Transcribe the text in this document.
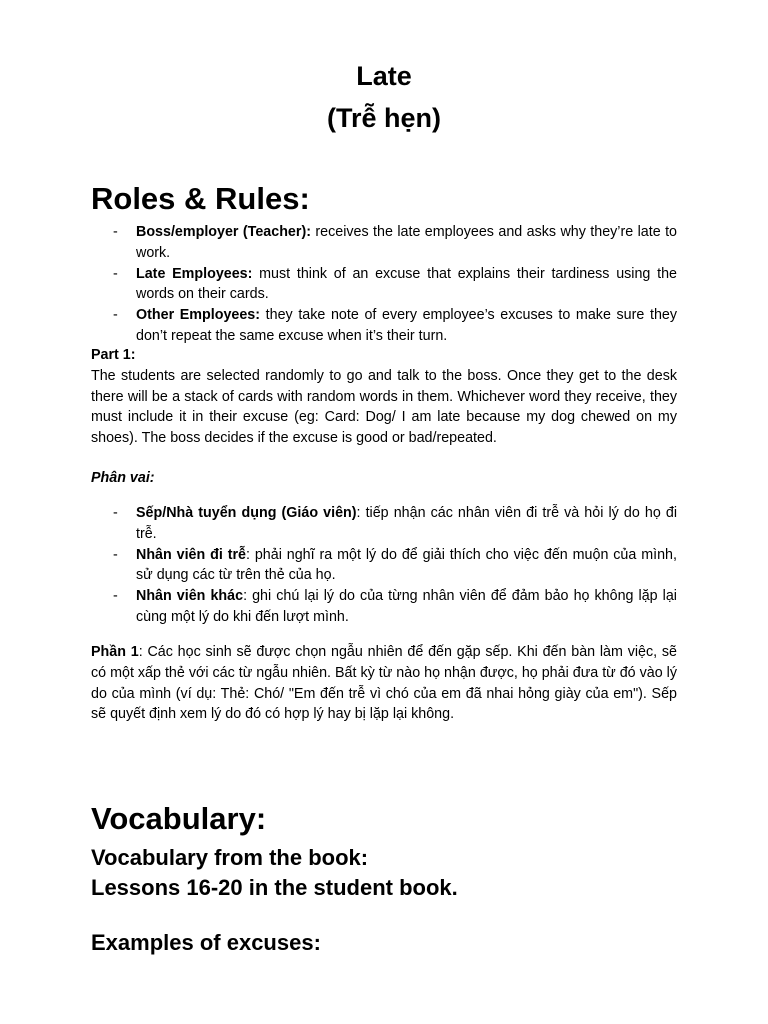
Late
(Trễ hẹn)
Roles & Rules:
- Boss/employer (Teacher): receives the late employees and asks why they’re late to work.
- Late Employees: must think of an excuse that explains their tardiness using the words on their cards.
- Other Employees: they take note of every employee’s excuses to make sure they don’t repeat the same excuse when it’s their turn.
Part 1:
The students are selected randomly to go and talk to the boss. Once they get to the desk there will be a stack of cards with random words in them. Whichever word they receive, they must include it in their excuse (eg: Card: Dog/ I am late because my dog chewed on my shoes). The boss decides if the excuse is good or bad/repeated.
Phân vai:
- Sếp/Nhà tuyển dụng (Giáo viên): tiếp nhận các nhân viên đi trễ và hỏi lý do họ đi trễ.
- Nhân viên đi trễ: phải nghĩ ra một lý do để giải thích cho việc đến muộn của mình, sử dụng các từ trên thẻ của họ.
- Nhân viên khác: ghi chú lại lý do của từng nhân viên để đảm bảo họ không lặp lại cùng một lý do khi đến lượt mình.
Phần 1: Các học sinh sẽ được chọn ngẫu nhiên để đến gặp sếp. Khi đến bàn làm việc, sẽ có một xấp thẻ với các từ ngẫu nhiên. Bất kỳ từ nào họ nhận được, họ phải đưa từ đó vào lý do của mình (ví dụ: Thẻ: Chó/ "Em đến trễ vì chó của em đã nhai hỏng giày của em"). Sếp sẽ quyết định xem lý do đó có hợp lý hay bị lặp lại không.
Vocabulary:
Vocabulary from the book:
Lessons 16-20 in the student book.
Examples of excuses:
